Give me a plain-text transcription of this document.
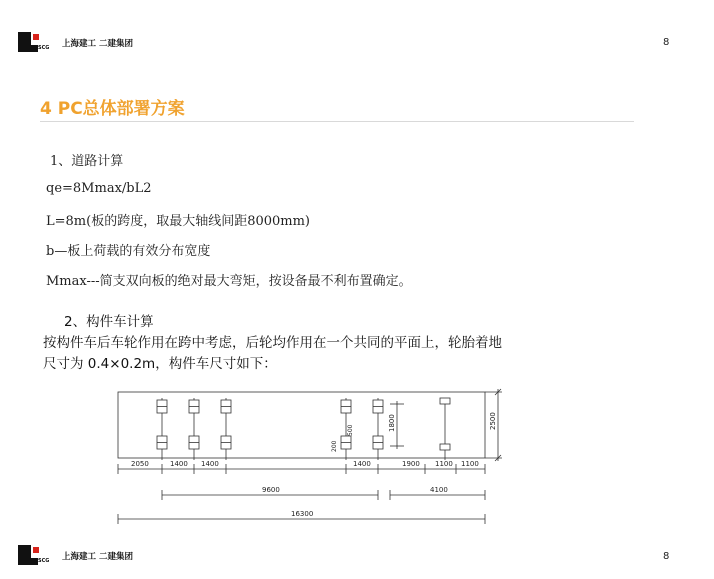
SCG 上海建工 二建集团	8
4 PC总体部署方案
1、道路计算
qe=8Mmax/bL2
L=8m(板的跨度，取最大轴线间距8000mm)
b—板上荷载的有效分布宽度
Mmax---简支双向板的绝对最大弯矩，按设备最不利布置确定。
2、构件车计算
按构件车后车轮作用在跨中考虑，后轮均作用在一个共同的平面上，轮胎着地
尺寸为 0.4×0.2m，构件车尺寸如下：
2050	1400 1400	1400	1900 1100 1100
9600	4100
16300
2500
1800
500
200
SCG 上海建工 二建集团	8
